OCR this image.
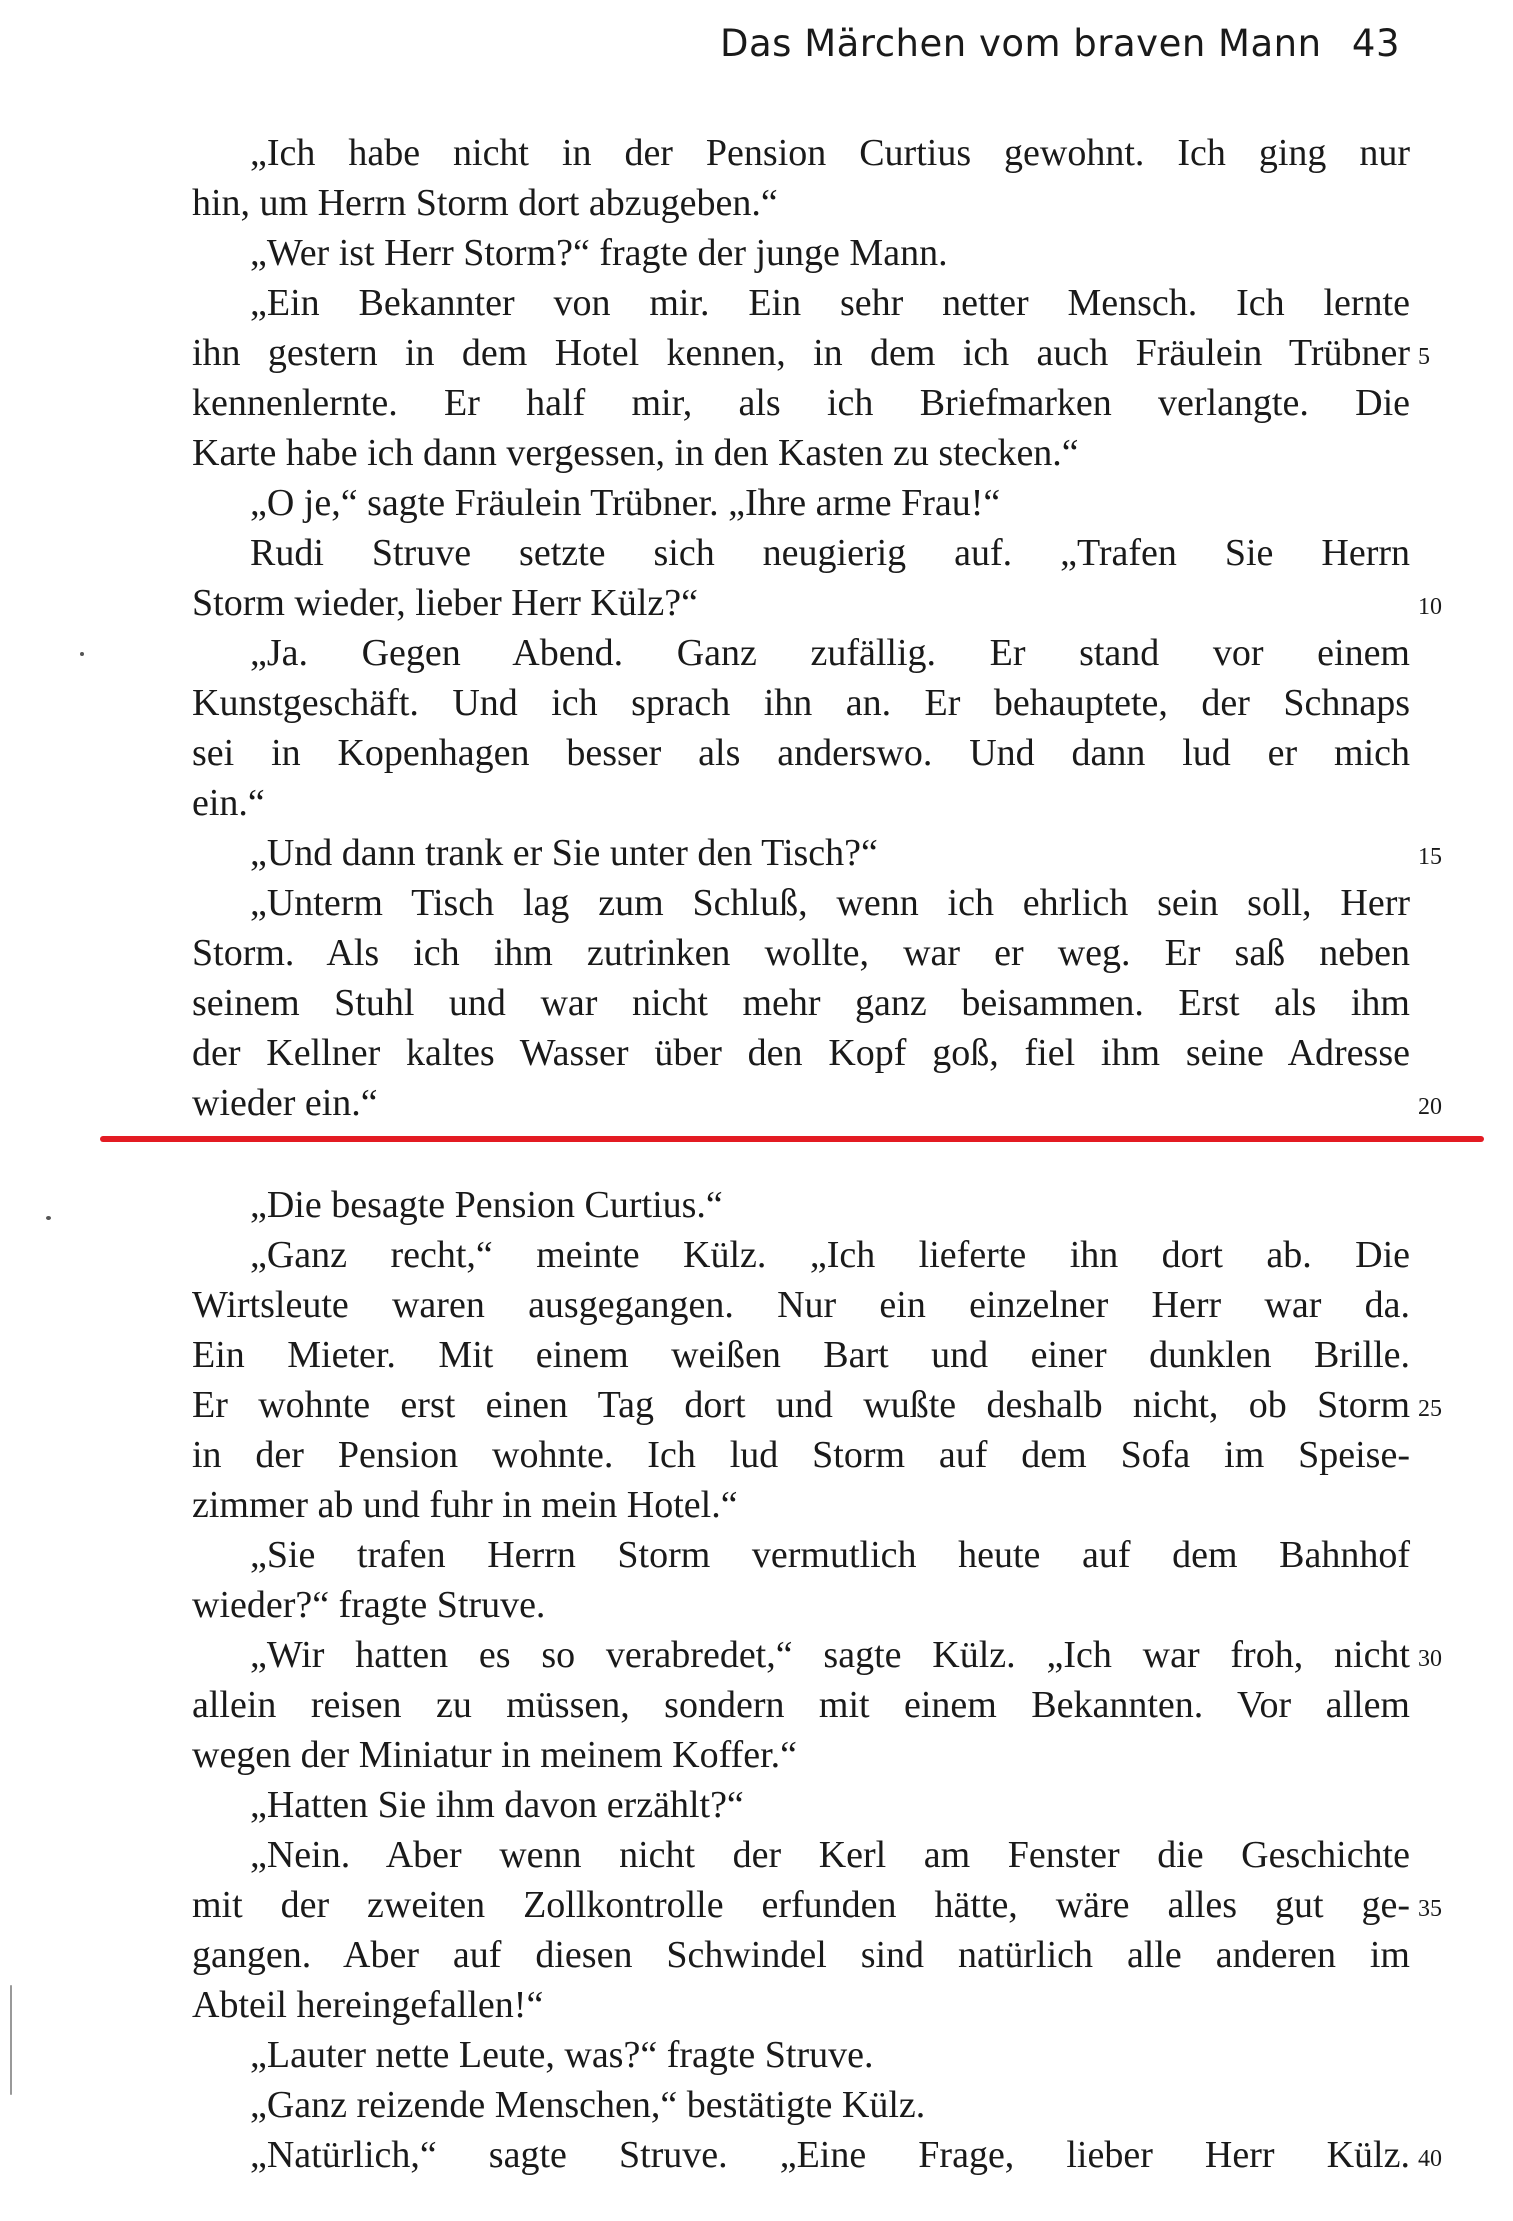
Das Märchen vom braven Mann 43
„Ich habe nicht in der Pension Curtius gewohnt. Ich ging nur
hin, um Herrn Storm dort abzugeben.“
„Wer ist Herr Storm?“ fragte der junge Mann.
„Ein Bekannter von mir. Ein sehr netter Mensch. Ich lernte
ihn gestern in dem Hotel kennen, in dem ich auch Fräulein Trübner 5
kennenlernte. Er half mir, als ich Briefmarken verlangte. Die
Karte habe ich dann vergessen, in den Kasten zu stecken.“
„O je,“ sagte Fräulein Trübner. „Ihre arme Frau!“
Rudi Struve setzte sich neugierig auf. „Trafen Sie Herrn
Storm wieder, lieber Herr Külz?“	10
„Ja. Gegen Abend. Ganz zufällig. Er stand vor einem
Kunstgeschäft. Und ich sprach ihn an. Er behauptete, der Schnaps
sei in Kopenhagen besser als anderswo. Und dann lud er mich
ein.“
„Und dann trank er Sie unter den Tisch?“	15
„Unterm Tisch lag zum Schluß, wenn ich ehrlich sein soll, Herr
Storm. Als ich ihm zutrinken wollte, war er weg. Er saß neben
seinem Stuhl und war nicht mehr ganz beisammen. Erst als ihm
der Kellner kaltes Wasser über den Kopf goß, fiel ihm seine Adresse
wieder ein.“	20
„Die besagte Pension Curtius.“
„Ganz recht,“ meinte Külz. „Ich lieferte ihn dort ab. Die
Wirtsleute waren ausgegangen. Nur ein einzelner Herr war da.
Ein Mieter. Mit einem weißen Bart und einer dunklen Brille.
Er wohnte erst einen Tag dort und wußte deshalb nicht, ob Storm 25
in der Pension wohnte. Ich lud Storm auf dem Sofa im Speise-
zimmer ab und fuhr in mein Hotel.“
„Sie trafen Herrn Storm vermutlich heute auf dem Bahnhof
wieder?“ fragte Struve.
„Wir hatten es so verabredet,“ sagte Külz. „Ich war froh, nicht 30
allein reisen zu müssen, sondern mit einem Bekannten. Vor allem
wegen der Miniatur in meinem Koffer.“
„Hatten Sie ihm davon erzählt?“
„Nein. Aber wenn nicht der Kerl am Fenster die Geschichte
mit der zweiten Zollkontrolle erfunden hätte, wäre alles gut ge- 35
gangen. Aber auf diesen Schwindel sind natürlich alle anderen im
Abteil hereingefallen!“
„Lauter nette Leute, was?“ fragte Struve.
„Ganz reizende Menschen,“ bestätigte Külz.
„Natürlich,“ sagte Struve. „Eine Frage, lieber Herr Külz. 40
